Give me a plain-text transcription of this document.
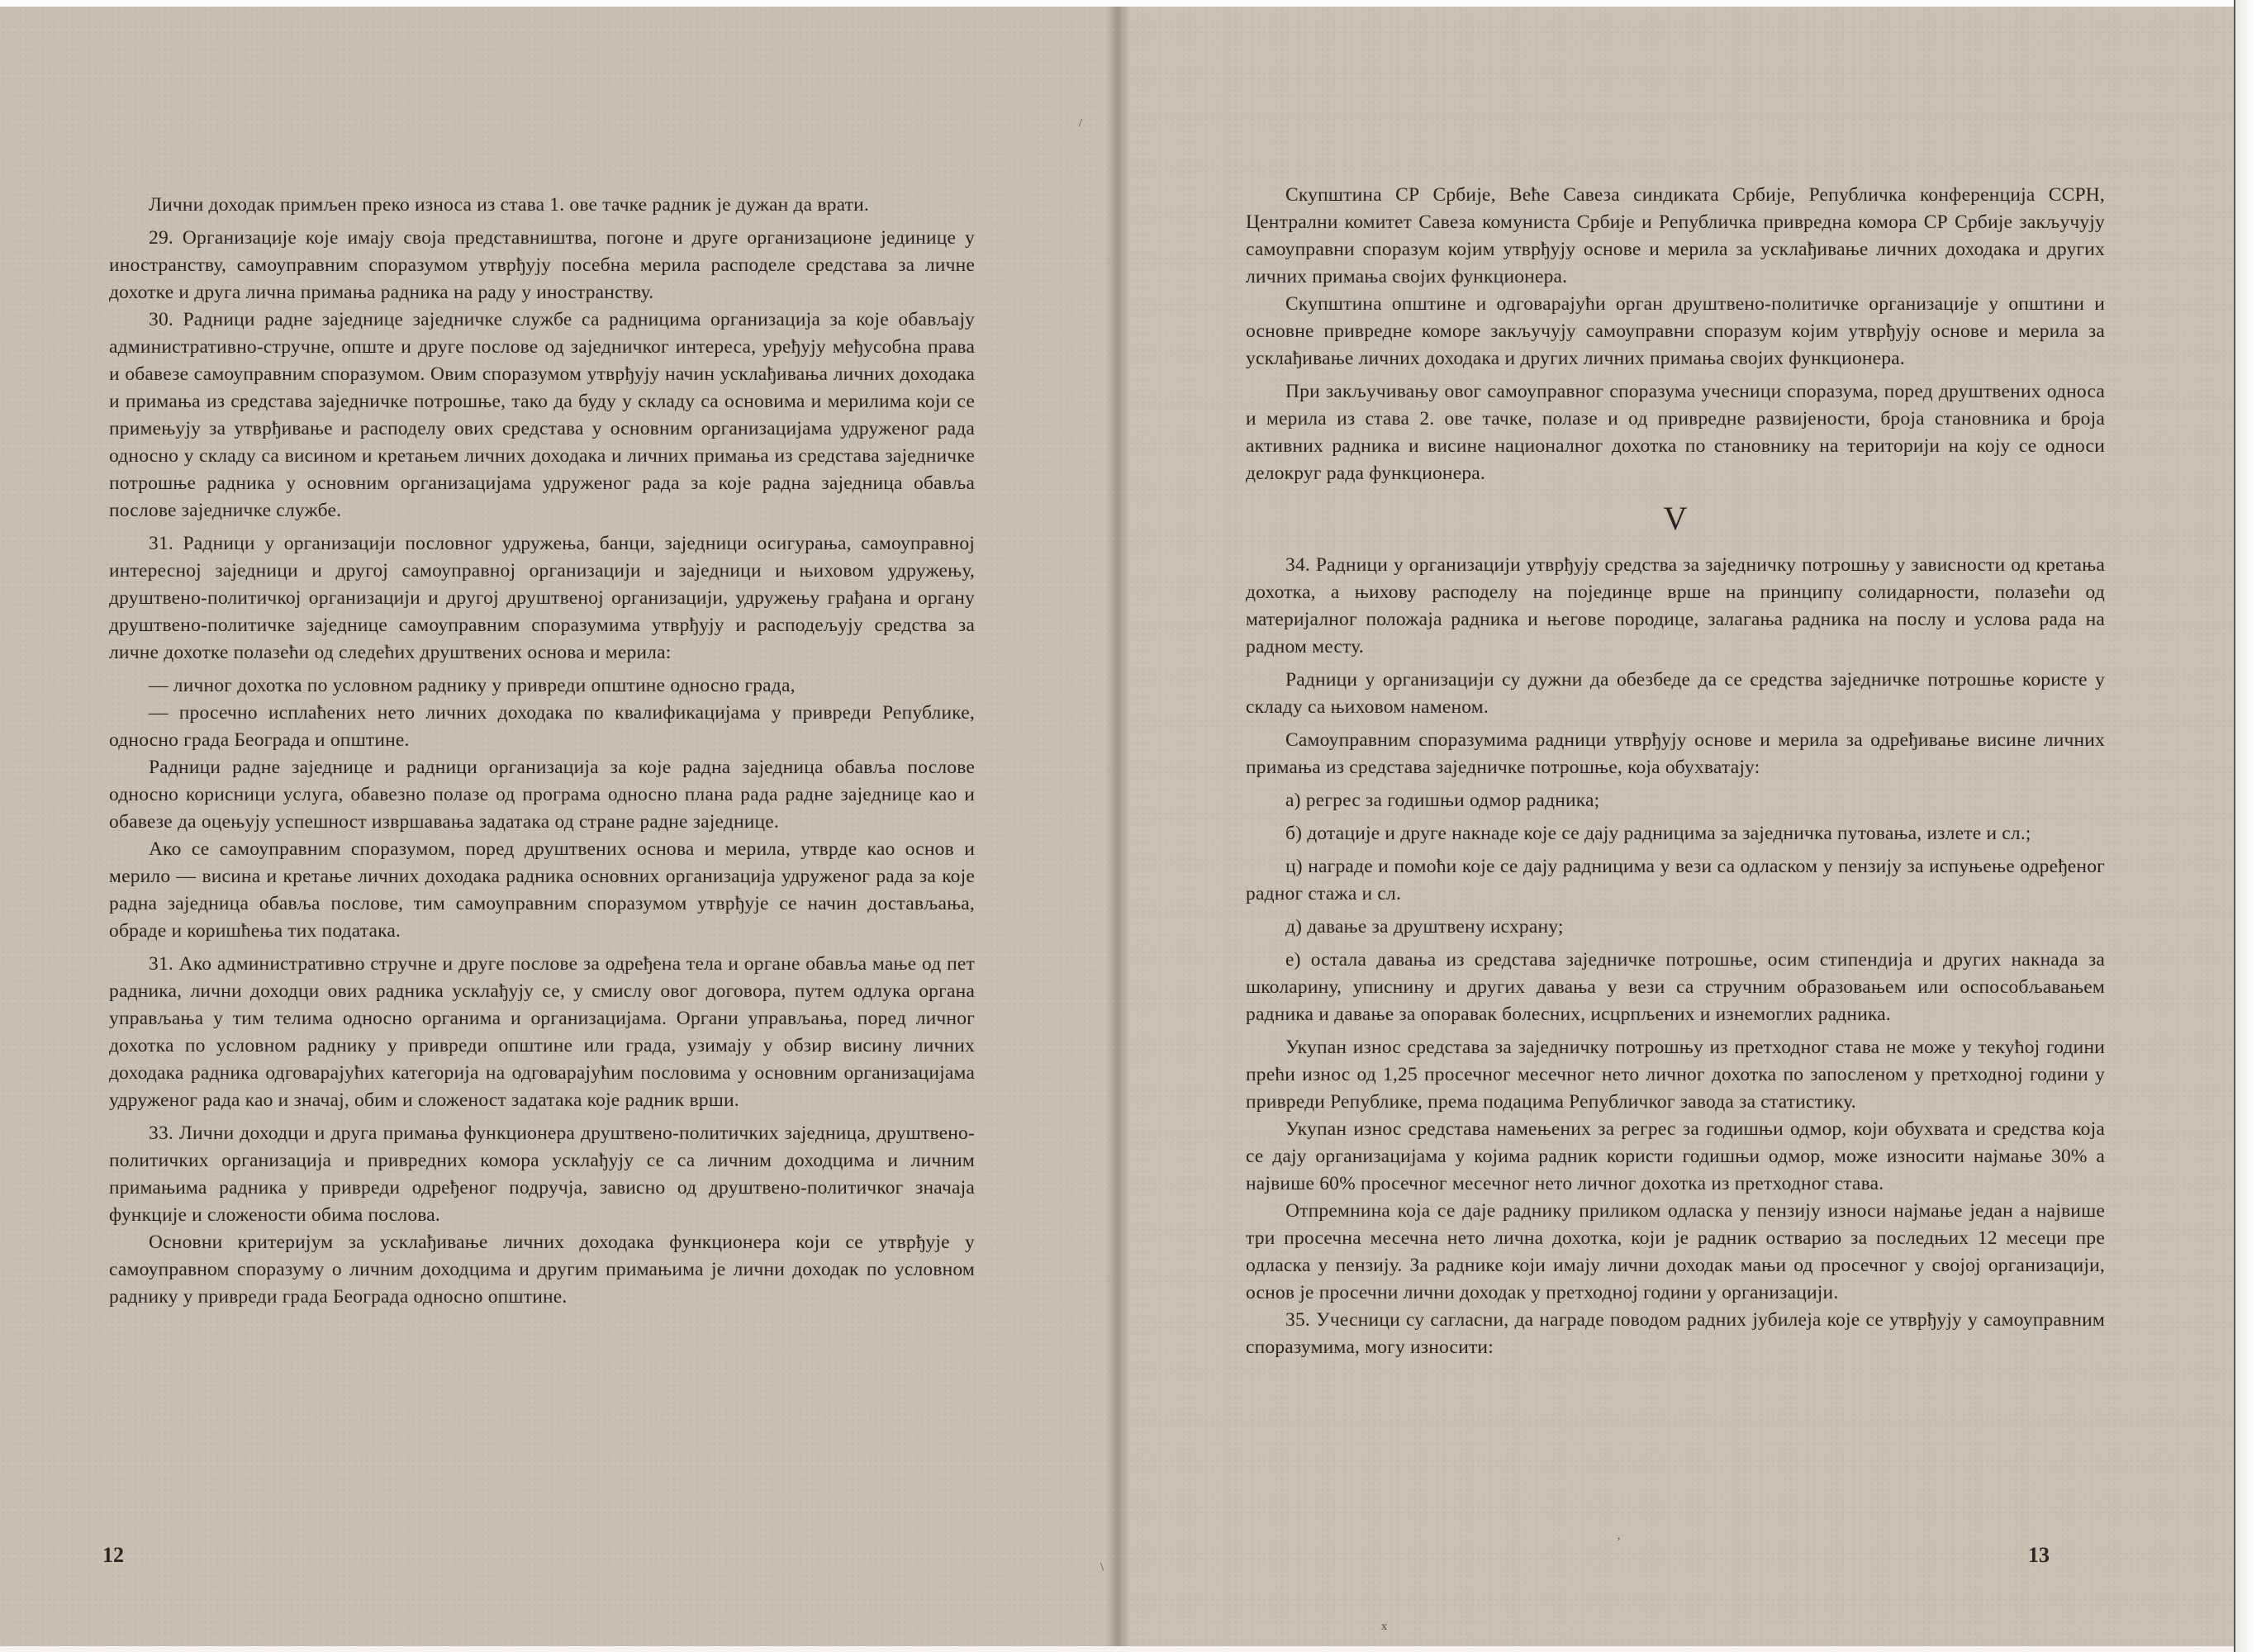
Лични доходак примљен преко износа из става 1. ове тачке радник је дужан да врати.

29. Организације које имају своја представништва, погоне и друге организационе јединице у иностранству, самоуправним споразумом утврђују посебна мерила расподеле средстава за личне дохотке и друга лична примања радника на раду у иностранству.

30. Радници радне заједнице заједничке службе са радницима организација за које обављају административно-стручне, опште и друге послове од заједничког интереса, уређују међусобна права и обавезе самоуправним споразумом. Овим споразумом утврђују начин усклађивања личних доходака и примања из средстава заједничке потрошње, тако да буду у складу са основима и мерилима који се примењују за утврђивање и расподелу ових средстава у основним организацијама удруженог рада односно у складу са висином и кретањем личних доходака и личних примања из средстава заједничке потрошње радника у основним организацијама удруженог рада за које радна заједница обавља послове заједничке службе.

31. Радници у организацији пословног удружења, банци, заједници осигурања, самоуправној интересној заједници и другој самоуправној организацији и заједници и њиховом удружењу, друштвено-политичкој организацији и другој друштвеној организацији, удружењу грађана и органу друштвено-политичке заједнице самоуправним споразумима утврђују и расподељују средства за личне дохотке полазећи од следећих друштвених основа и мерила:

— личног дохотка по условном раднику у привреди општине односно града,

— просечно исплаћених нето личних доходака по квалификацијама у привреди Републике, односно града Београда и општине.

Радници радне заједнице и радници организација за које радна заједница обавља послове односно корисници услуга, обавезно полазе од програма односно плана рада радне заједнице као и обавезе да оцењују успешност извршавања задатака од стране радне заједнице.

Ако се самоуправним споразумом, поред друштвених основа и мерила, утврде као основ и мерило — висина и кретање личних доходака радника основних организација удруженог рада за које радна заједница обавља послове, тим самоуправним споразумом утврђује се начин достављања, обраде и коришћења тих података.

31. Ако административно стручне и друге послове за одређена тела и органе обавља мање од пет радника, лични доходци ових радника усклађују се, у смислу овог договора, путем одлука органа управљања у тим телима односно органима и организацијама. Органи управљања, поред личног дохотка по условном раднику у привреди општине или града, узимају у обзир висину личних доходака радника одговарајућих категорија на одговарајућим пословима у основним организацијама удруженог рада као и значај, обим и сложеност задатака које радник врши.

33. Лични доходци и друга примања функционера друштвено-политичких заједница, друштвено-политичких организација и привредних комора усклађују се са личним доходцима и личним примањима радника у привреди одређеног подручја, зависно од друштвено-политичког значаја функције и сложености обима послова.

Основни критеријум за усклађивање личних доходака функционера који се утврђује у самоуправном споразуму о личним доходцима и другим примањима је лични доходак по условном раднику у привреди града Београда односно општине.

12

Скупштина СР Србије, Веће Савеза синдиката Србије, Републичка конференција ССРН, Централни комитет Савеза комуниста Србије и Републичка привредна комора СР Србије закључују самоуправни споразум којим утврђују основе и мерила за усклађивање личних доходака и других личних примања својих функционера.

Скупштина општине и одговарајући орган друштвено-политичке организације у општини и основне привредне коморе закључују самоуправни споразум којим утврђују основе и мерила за усклађивање личних доходака и других личних примања својих функционера.

При закључивању овог самоуправног споразума учесници споразума, поред друштвених односа и мерила из става 2. ове тачке, полазе и од привредне развијености, броја становника и броја активних радника и висине националног дохотка по становнику на територији на коју се односи делокруг рада функционера.

V

34. Радници у организацији утврђују средства за заједничку потрошњу у зависности од кретања дохотка, а њихову расподелу на појединце врше на принципу солидарности, полазећи од материјалног положаја радника и његове породице, залагања радника на послу и услова рада на радном месту.

Радници у организацији су дужни да обезбеде да се средства заједничке потрошње користе у складу са њиховом наменом.

Самоуправним споразумима радници утврђују основе и мерила за одређивање висине личних примања из средстава заједничке потрошње, која обухватају:

а) регрес за годишњи одмор радника;

б) дотације и друге накнаде које се дају радницима за заједничка путовања, излете и сл.;

ц) награде и помоћи које се дају радницима у вези са одласком у пензију за испуњење одређеног радног стажа и сл.

д) давање за друштвену исхрану;

е) остала давања из средстава заједничке потрошње, осим стипендија и других накнада за школарину, уписнину и других давања у вези са стручним образовањем или оспособљавањем радника и давање за опоравак болесних, исцрпљених и изнемоглих радника.

Укупан износ средстава за заједничку потрошњу из претходног става не може у текућој години прећи износ од 1,25 просечног месечног нето личног дохотка по запосленом у претходној години у привреди Републике, према подацима Републичког завода за статистику.

Укупан износ средстава намењених за регрес за годишњи одмор, који обухвата и средства која се дају организацијама у којима радник користи годишњи одмор, може износити најмање 30% а највише 60% просечног месечног нето личног дохотка из претходног става.

Отпремнина која се даје раднику приликом одласка у пензију износи најмање један а највише три просечна месечна нето лична дохотка, који је радник остварио за последњих 12 месеци пре одласка у пензију. За раднике који имају лични доходак мањи од просечног у својој организацији, основ је просечни лични доходак у претходној години у организацији.

35. Учесници су сагласни, да награде поводом радних јубилеја које се утврђују у самоуправним споразумима, могу износити:

13
/
,
x
\
